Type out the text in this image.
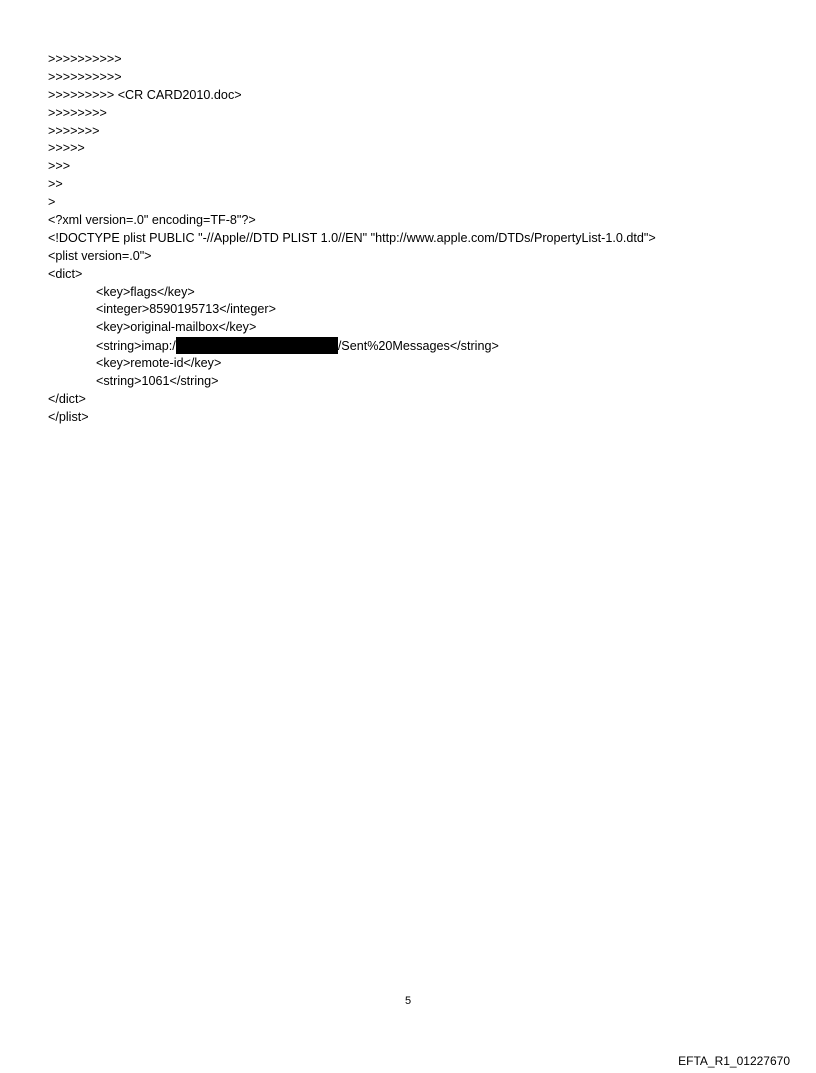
>>>>>>>>>>
>>>>>>>>>>
>>>>>>>>> <CR CARD2010.doc>
>>>>>>>>
>>>>>>>
>>>>>
>>>
>>
>
<?xml version=.0" encoding=TF-8"?>
<!DOCTYPE plist PUBLIC "-//Apple//DTD PLIST 1.0//EN" "http://www.apple.com/DTDs/PropertyList-1.0.dtd">
<plist version=.0">
<dict>
<key>flags</key>
<integer>8590195713</integer>
<key>original-mailbox</key>
<string>imap:/	/Sent%20Messages</string>
<key>remote-id</key>
<string>1061</string>
</dict>
</plist>
5
EFTA_R1_01227670
